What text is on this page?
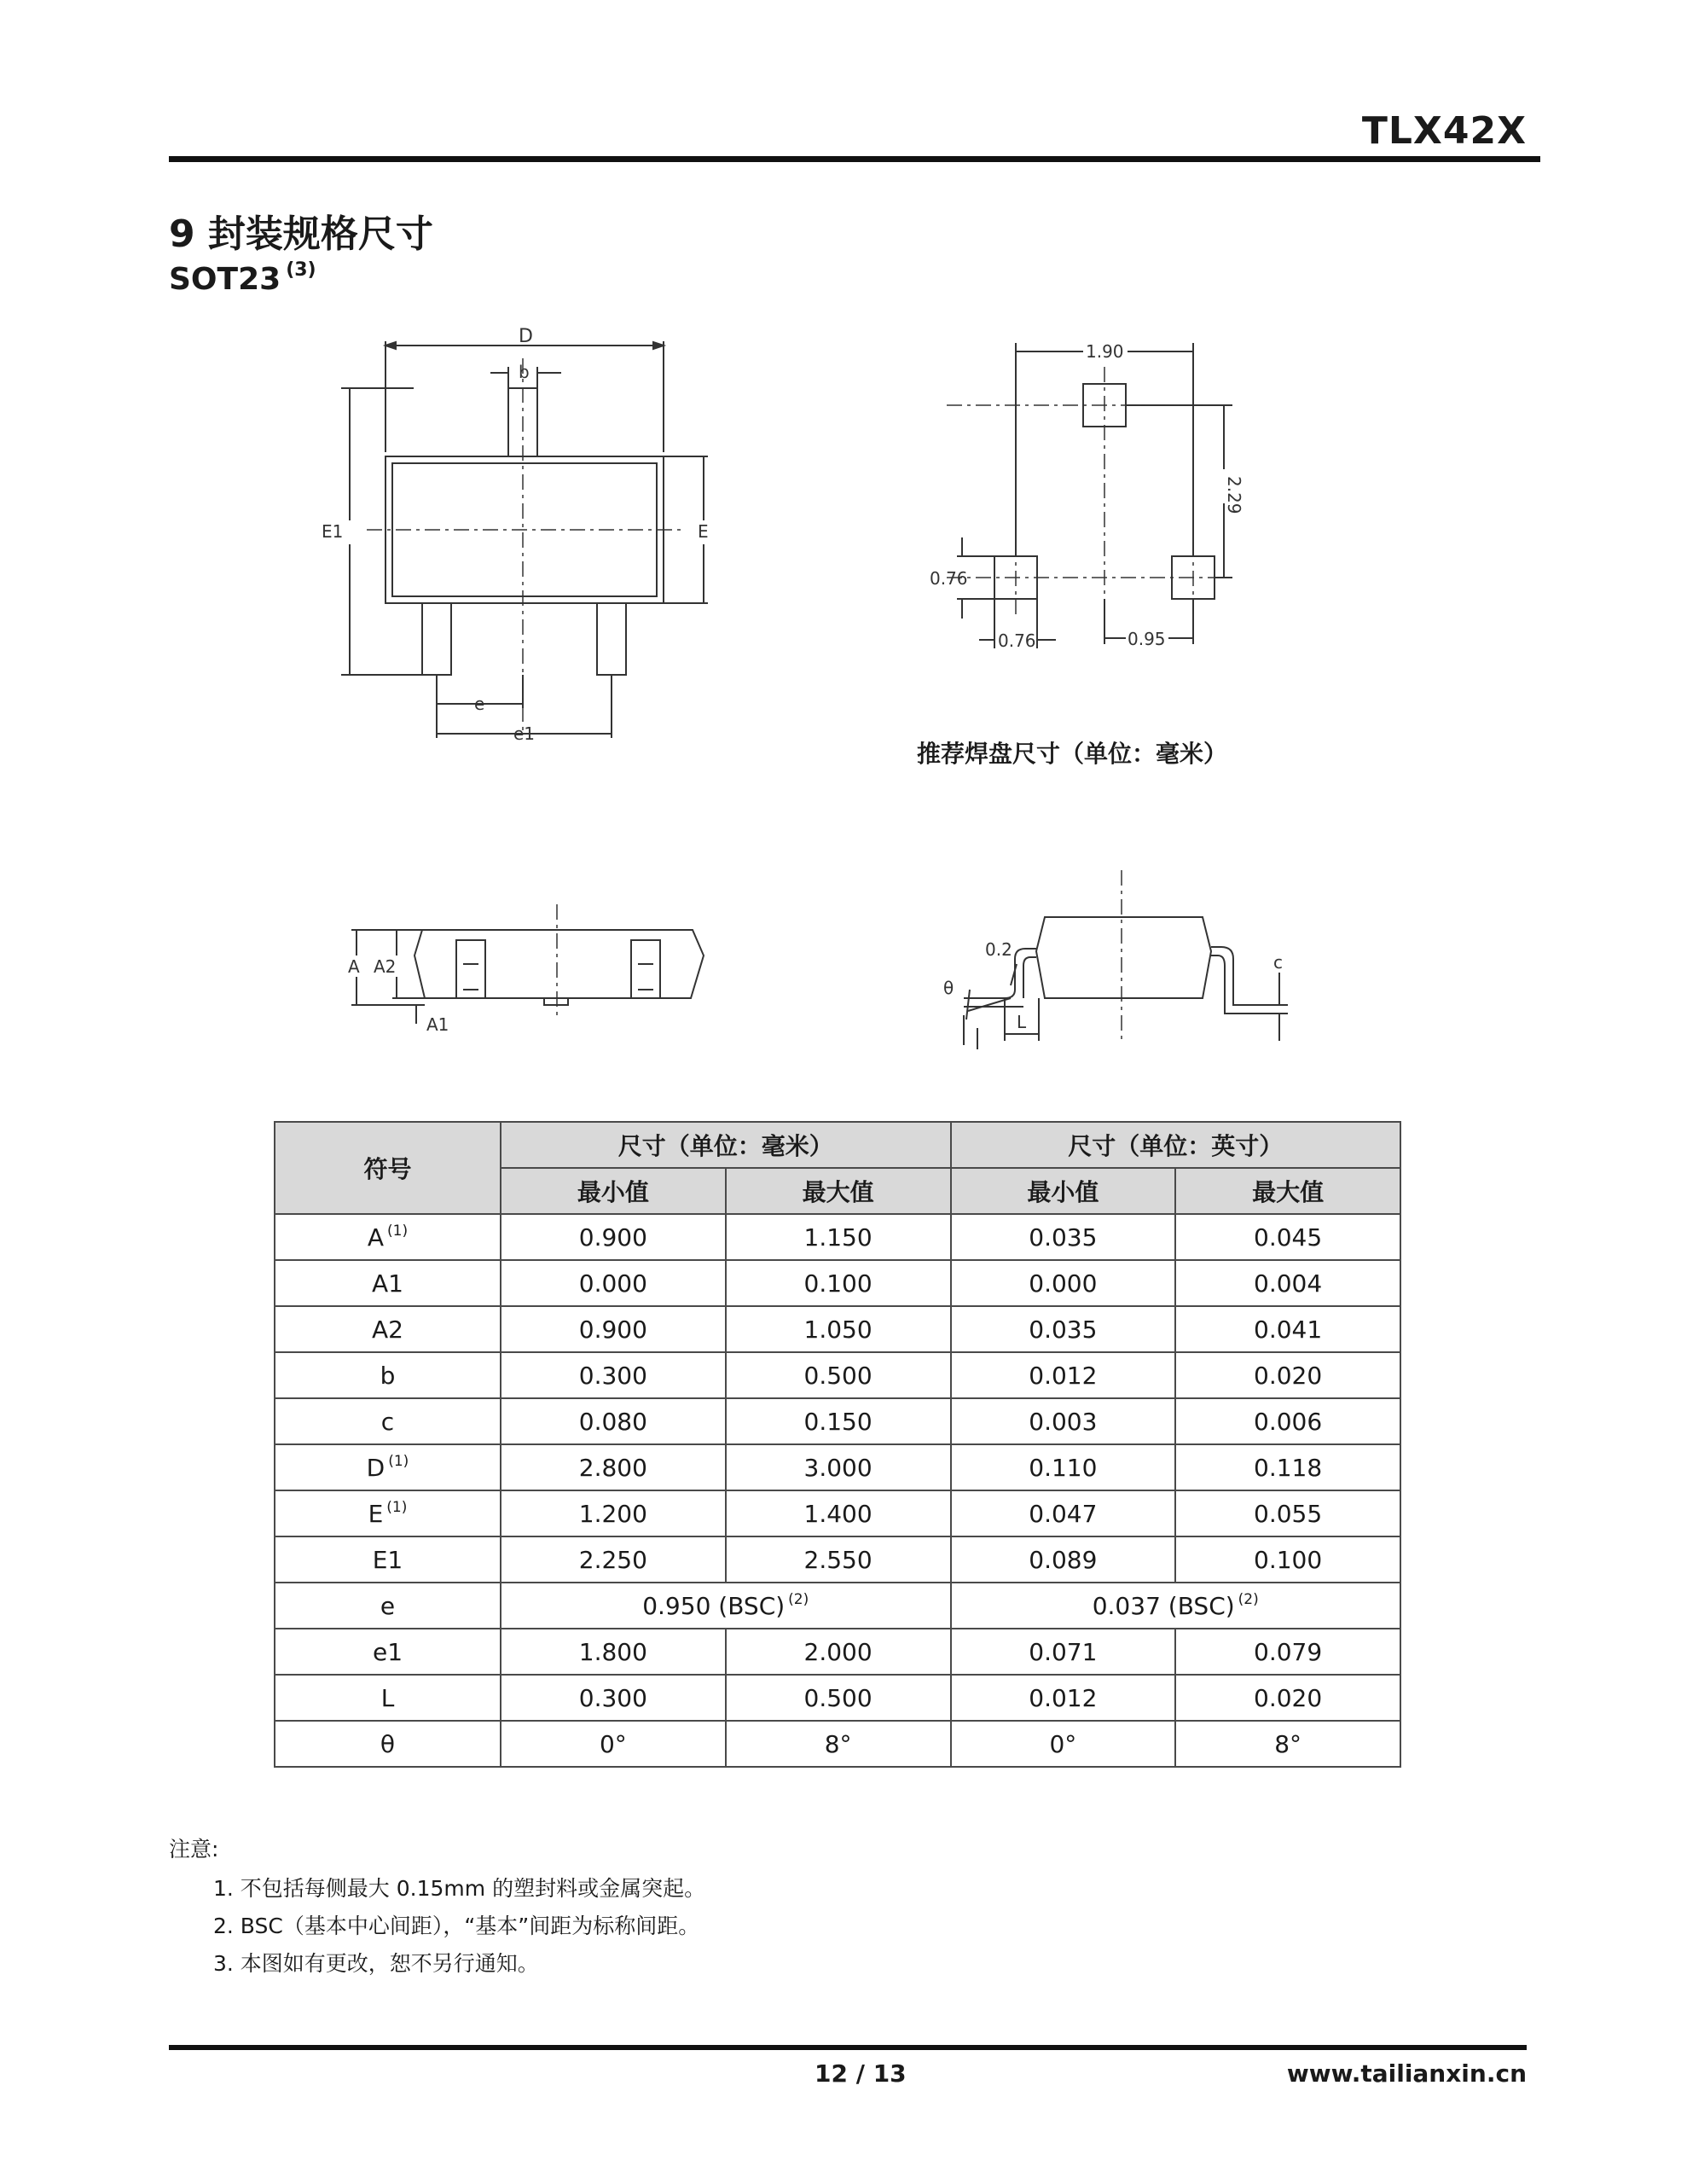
TLX42X
9 封装规格尺寸
SOT23 $^{(3)}$
D
b
E1	E
e
e1
1.90
2.29
0.76
0.76	0.95
推荐焊盘尺寸（单位：毫米）
A A2
A1
0.2
θ
L
c
符号	尺寸（单位：毫米）		尺寸（单位：英寸）	
	最小值	最大值	最小值	最大值
A $^{(1)}$	0.900	1.150	0.035	0.045
A1	0.000	0.100	0.000	0.004
A2	0.900	1.050	0.035	0.041
b	0.300	0.500	0.012	0.020
c	0.080	0.150	0.003	0.006
D $^{(1)}$	2.800	3.000	0.110	0.118
E $^{(1)}$	1.200	1.400	0.047	0.055
E1	2.250	2.550	0.089	0.100
e	0.950 (BSC) $^{(2)}$		0.037 (BSC) $^{(2)}$
e1	1.800	2.000	0.071	0.079
L	0.300	0.500	0.012	0.020
θ	0°	8°	0°	8°
注意:
1. 不包括每侧最大 0.15mm 的塑封料或金属突起。
2. BSC（基本中心间距），“基本”间距为标称间距。
3. 本图如有更改，恕不另行通知。
12 / 13	www.tailianxin.cn
